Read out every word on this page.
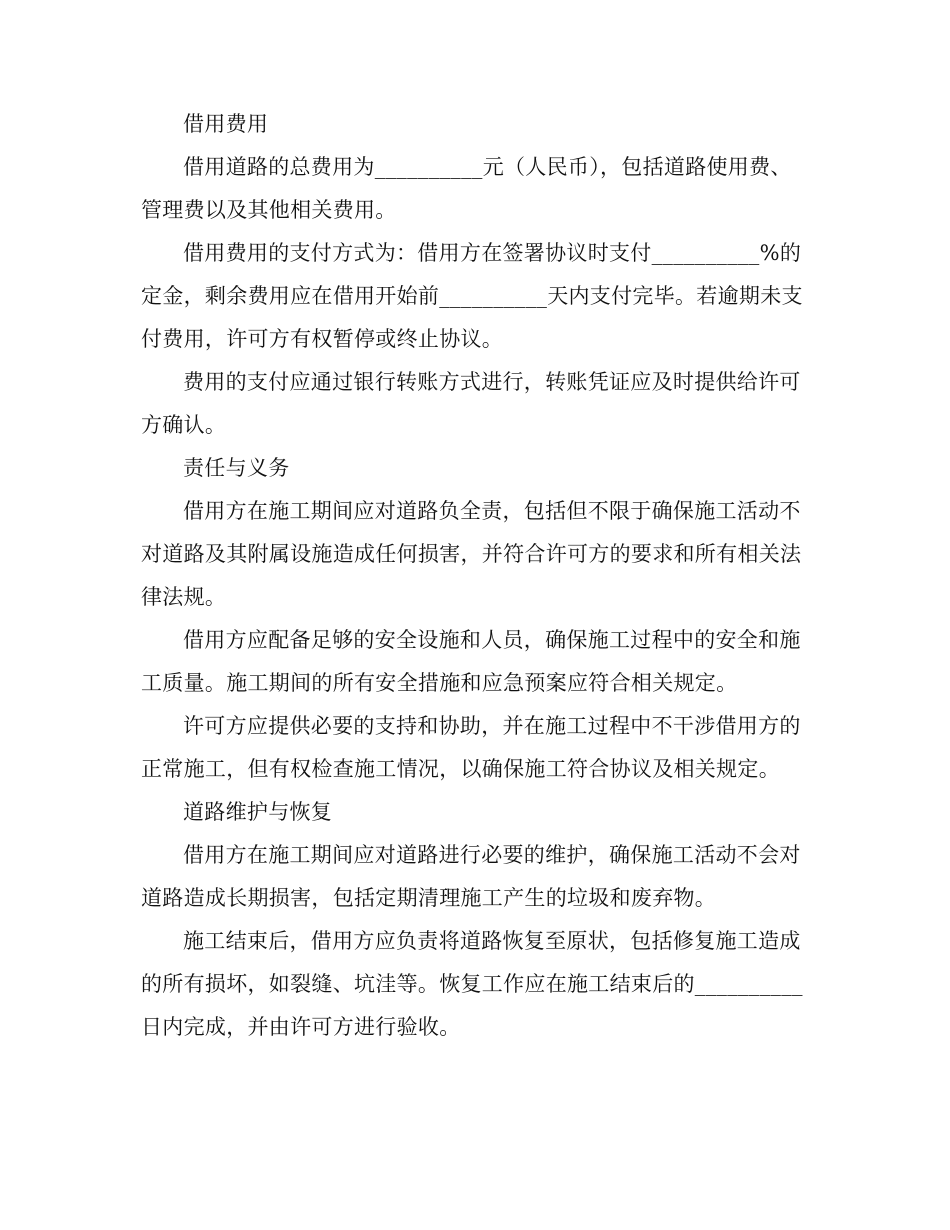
借用费用

借用道路的总费用为__________元（人民币），包括道路使用费、管理费以及其他相关费用。

借用费用的支付方式为：借用方在签署协议时支付__________%的定金，剩余费用应在借用开始前__________天内支付完毕。若逾期未支付费用，许可方有权暂停或终止协议。

费用的支付应通过银行转账方式进行，转账凭证应及时提供给许可方确认。

责任与义务

借用方在施工期间应对道路负全责，包括但不限于确保施工活动不对道路及其附属设施造成任何损害，并符合许可方的要求和所有相关法律法规。

借用方应配备足够的安全设施和人员，确保施工过程中的安全和施工质量。施工期间的所有安全措施和应急预案应符合相关规定。

许可方应提供必要的支持和协助，并在施工过程中不干涉借用方的正常施工，但有权检查施工情况，以确保施工符合协议及相关规定。

道路维护与恢复

借用方在施工期间应对道路进行必要的维护，确保施工活动不会对道路造成长期损害，包括定期清理施工产生的垃圾和废弃物。

施工结束后，借用方应负责将道路恢复至原状，包括修复施工造成的所有损坏，如裂缝、坑洼等。恢复工作应在施工结束后的__________日内完成，并由许可方进行验收。
